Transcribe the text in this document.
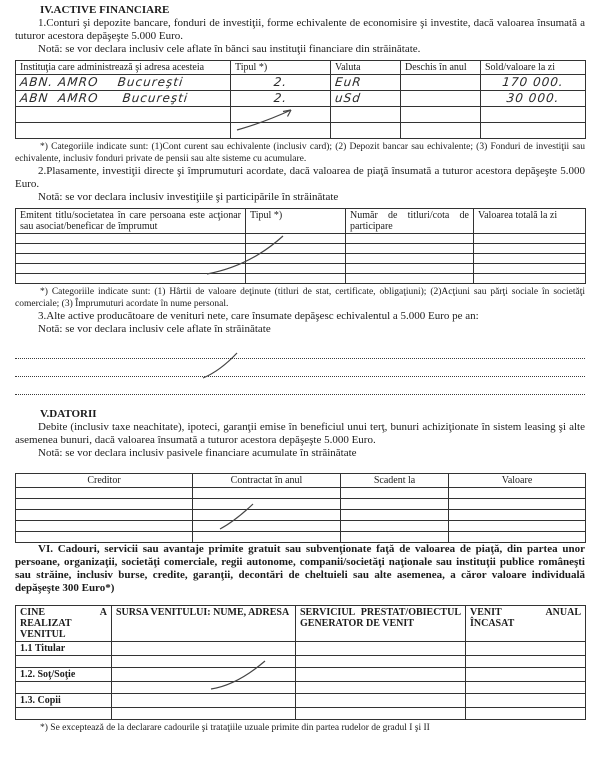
IV.ACTIVE FINANCIARE

1.Conturi şi depozite bancare, fonduri de investiţii, forme echivalente de economisire şi investite, dacă valoarea însumată a tuturor acestora depăşeşte 5.000 Euro.

Notă: se vor declara inclusiv cele aflate în bănci sau instituţii financiare din străinătate.

Instituţia care administrează şi adresa acesteia	Tipul *)	Valuta	Deschis în anul	Sold/valoare la zi
ABN. AMRO    Bucureşti	2.	EuR		170 000.

ABN  AMRO     Bucureşti	2.	uSd		30 000.

*) Categoriile indicate sunt: (1)Cont curent sau echivalente (inclusiv card); (2) Depozit bancar sau echivalente; (3) Fonduri de investiţii sau echivalente, inclusiv fonduri private de pensii sau alte sisteme cu acumulare.

2.Plasamente, investiţii directe şi împrumuturi acordate, dacă valoarea de piaţă însumată a tuturor acestora depăşeşte 5.000 Euro.

Notă: se vor declara inclusiv investiţiile şi participările în străinătate

Emitent titlu/societatea în care persoana este acţionar sau asociat/beneficar de împrumut	Tipul *)	Număr de titluri/cota de participare	Valoarea totală la zi

*) Categoriile indicate sunt: (1) Hârtii de valoare deţinute (titluri de stat, certificate, obligaţiuni); (2)Acţiuni sau părţi sociale în societăţi comerciale; (3) Împrumuturi acordate în nume personal.

3.Alte active producătoare de venituri nete, care însumate depăşesc echivalentul a 5.000 Euro pe an:

Notă: se vor declara inclusiv cele aflate în străinătate

V.DATORII

Debite (inclusiv taxe neachitate), ipoteci, garanţii emise în beneficiul unui terţ, bunuri achiziţionate în sistem leasing şi alte asemenea bunuri, dacă valoarea însumată a tuturor acestora depăşeşte 5.000 Euro.

Notă: se vor declara inclusiv pasivele financiare acumulate în străinătate

Creditor	Contractat în anul	Scadent la	Valoare

VI. Cadouri, servicii sau avantaje primite gratuit sau subvenţionate faţă de valoarea de piaţă, din partea unor persoane, organizaţii, societăţi comerciale, regii autonome, companii/societăţi naţionale sau instituţii publice româneşti sau străine, inclusiv burse, credite, garanţii, decontări de cheltuieli sau alte asemenea, a căror valoare individuală depăşeşte 300 Euro*)

CINE A REALIZAT VENITUL	SURSA VENITULUI: NUME, ADRESA	SERVICIUL PRESTAT/OBIECTUL GENERATOR DE VENIT	VENIT ANUAL ÎNCASAT
1.1 Titular			

1.2. Soţ/Soţie			

1.3. Copii			

*) Se exceptează de la declarare cadourile şi trataţiile uzuale primite din partea rudelor de gradul I şi II
